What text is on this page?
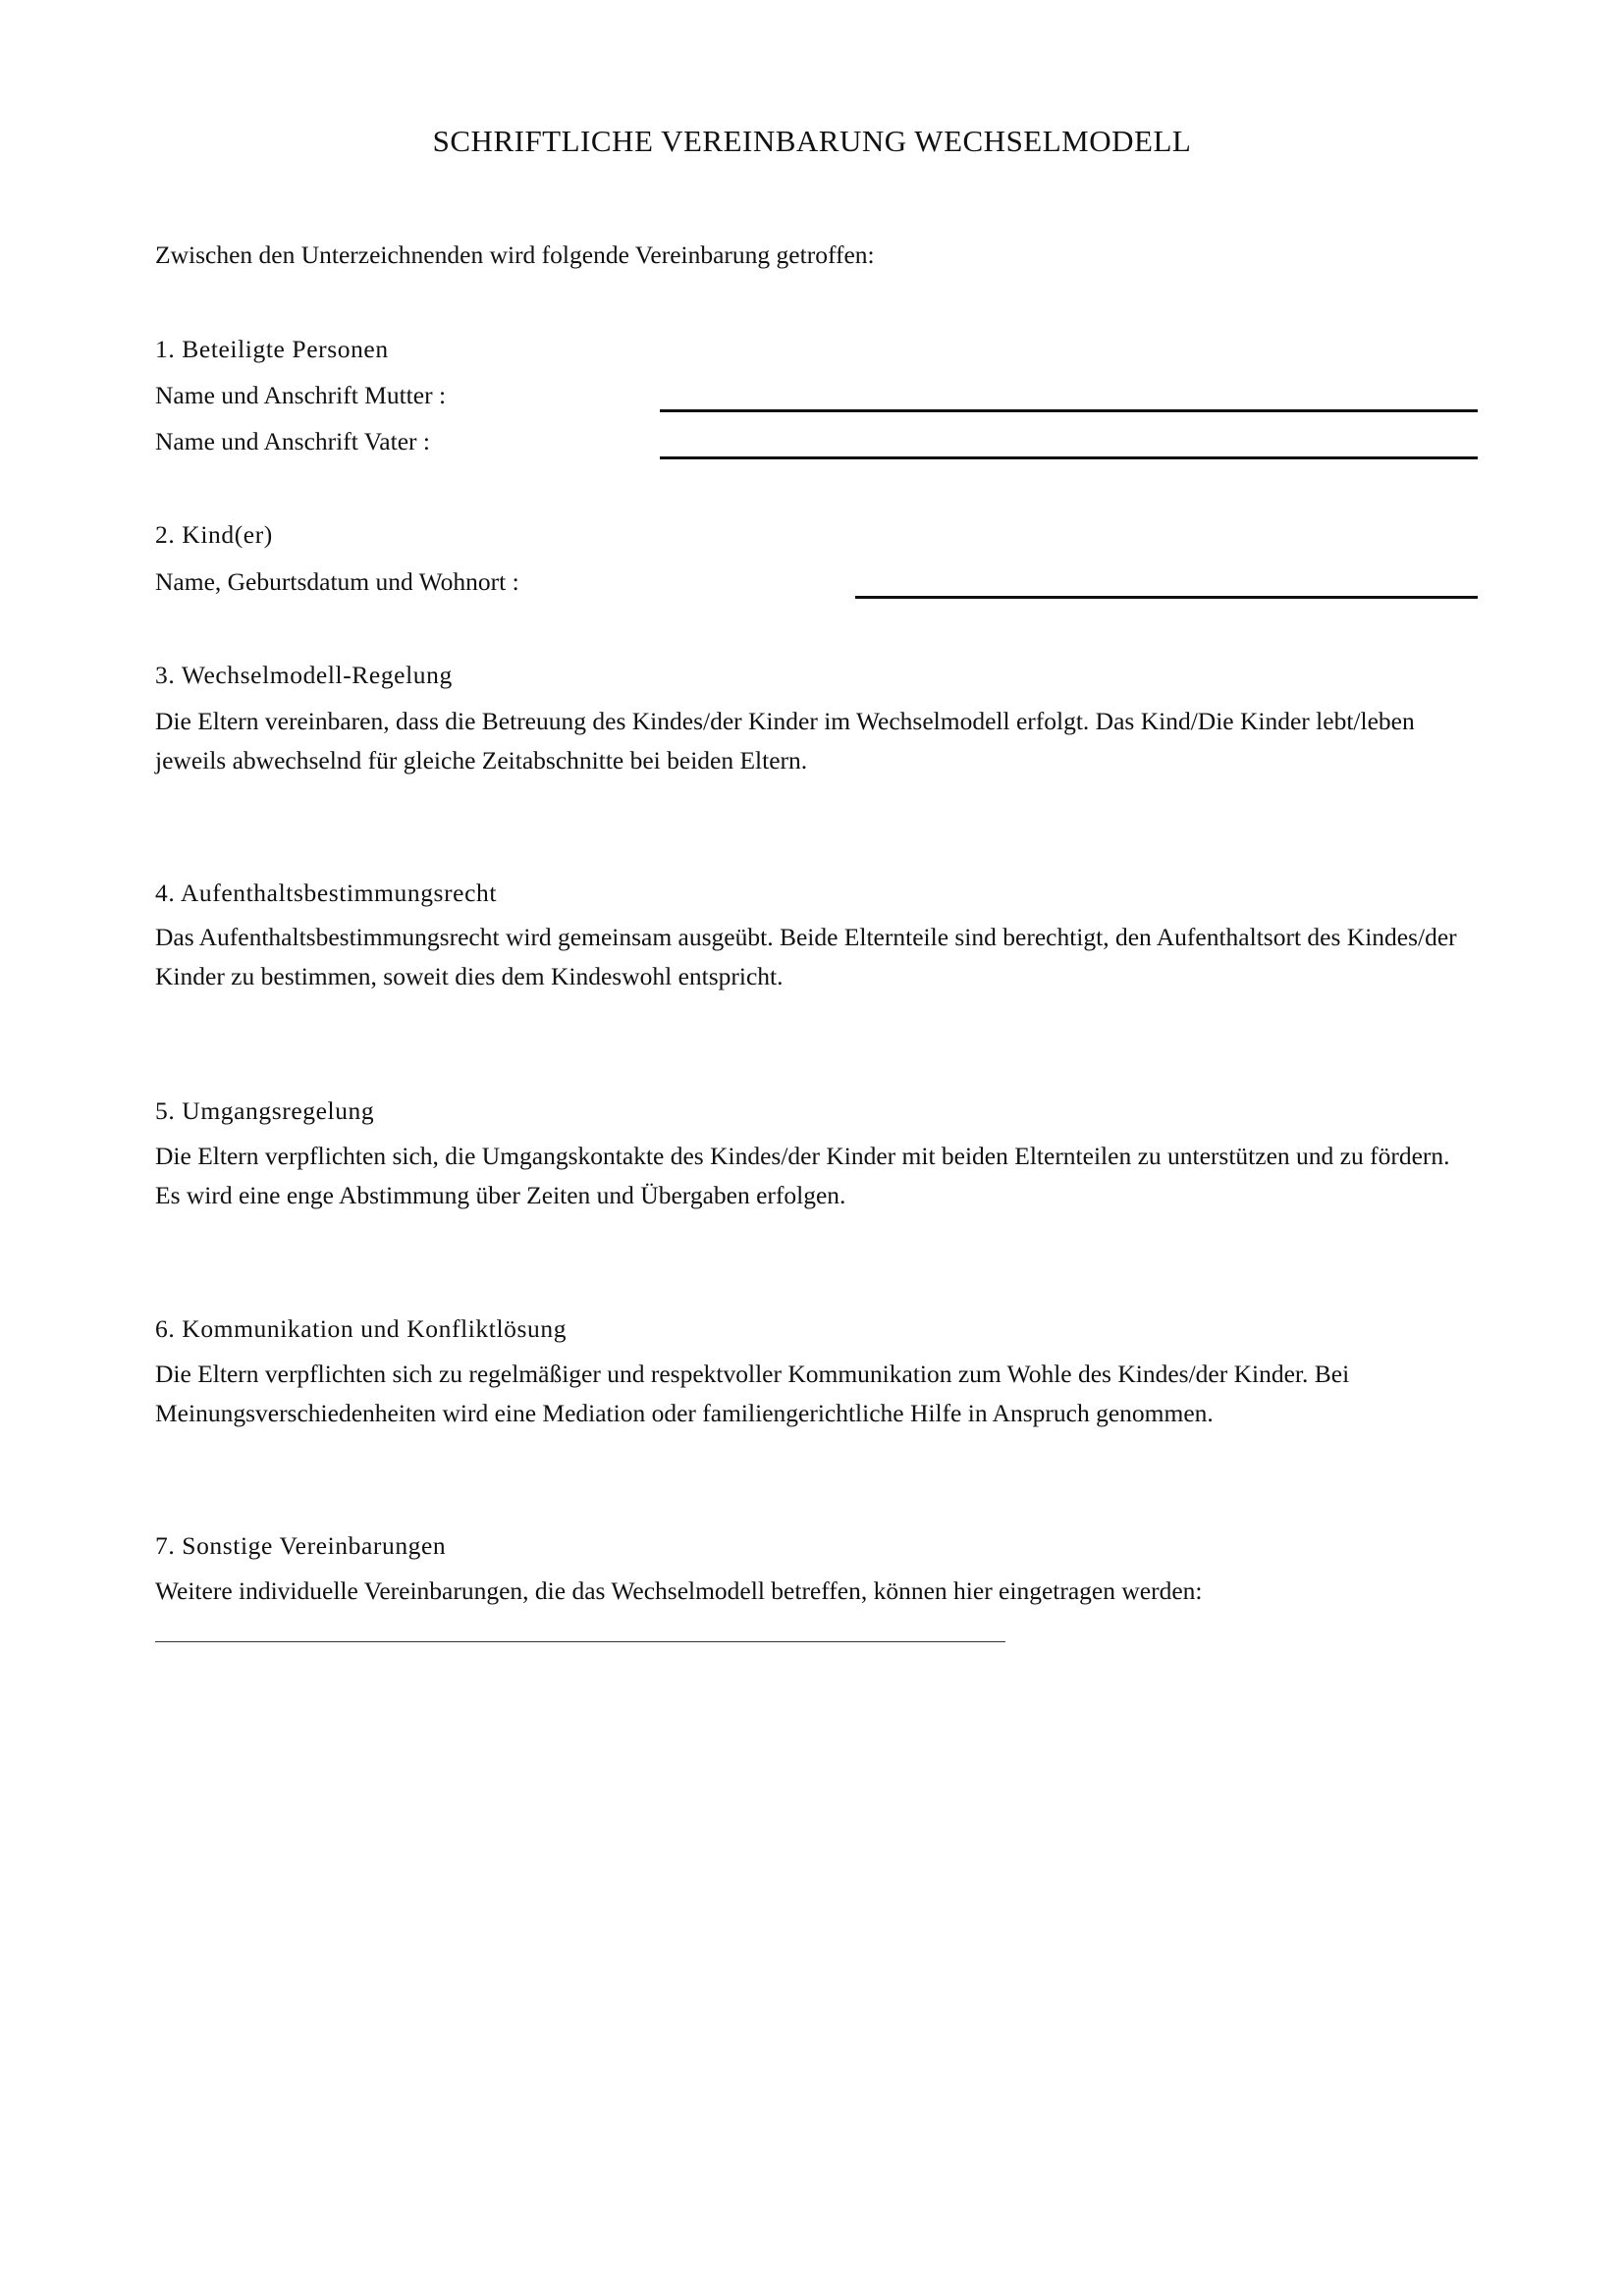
SCHRIFTLICHE VEREINBARUNG WECHSELMODELL
Zwischen den Unterzeichnenden wird folgende Vereinbarung getroffen:
1. Beteiligte Personen
Name und Anschrift Mutter :
Name und Anschrift Vater :
2. Kind(er)
Name, Geburtsdatum und Wohnort :
3. Wechselmodell-Regelung
Die Eltern vereinbaren, dass die Betreuung des Kindes/der Kinder im Wechselmodell erfolgt. Das Kind/Die Kinder lebt/leben jeweils abwechselnd für gleiche Zeitabschnitte bei beiden Eltern.
4. Aufenthaltsbestimmungsrecht
Das Aufenthaltsbestimmungsrecht wird gemeinsam ausgeübt. Beide Elternteile sind berechtigt, den Aufenthaltsort des Kindes/der Kinder zu bestimmen, soweit dies dem Kindeswohl entspricht.
5. Umgangsregelung
Die Eltern verpflichten sich, die Umgangskontakte des Kindes/der Kinder mit beiden Elternteilen zu unterstützen und zu fördern. Es wird eine enge Abstimmung über Zeiten und Übergaben erfolgen.
6. Kommunikation und Konfliktlösung
Die Eltern verpflichten sich zu regelmäßiger und respektvoller Kommunikation zum Wohle des Kindes/der Kinder. Bei Meinungsverschiedenheiten wird eine Mediation oder familiengerichtliche Hilfe in Anspruch genommen.
7. Sonstige Vereinbarungen
Weitere individuelle Vereinbarungen, die das Wechselmodell betreffen, können hier eingetragen werden:
